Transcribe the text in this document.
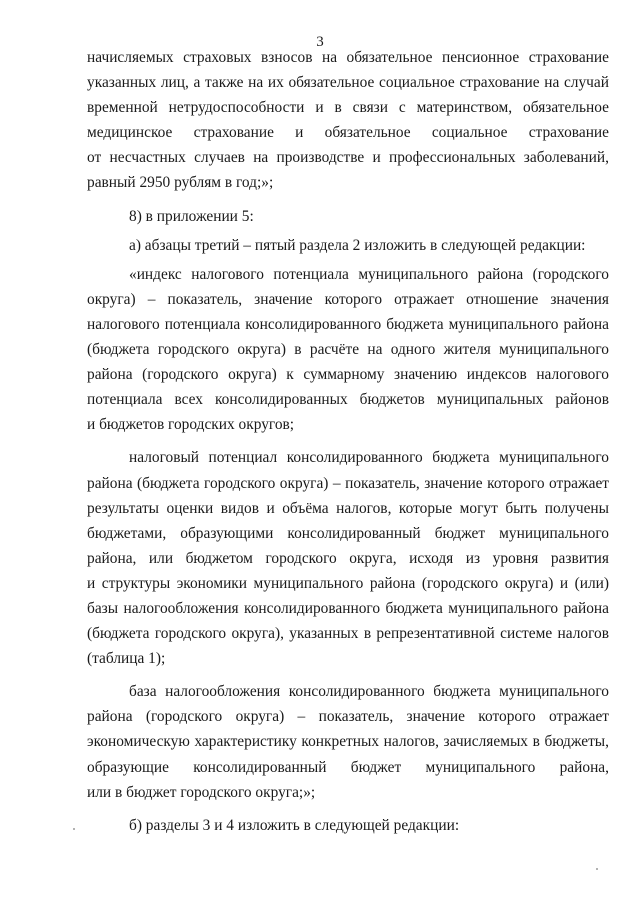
3

начисляемых страховых взносов на обязательное пенсионное страхование
указанных лиц, а также на их обязательное социальное страхование на случай
временной нетрудоспособности и в связи с материнством, обязательное
медицинское страхование и обязательное социальное страхование
от несчастных случаев на производстве и профессиональных заболеваний,
равный 2950 рублям в год;»;

8) в приложении 5:

а) абзацы третий – пятый раздела 2 изложить в следующей редакции:

«индекс налогового потенциала муниципального района (городского
округа) – показатель, значение которого отражает отношение значения
налогового потенциала консолидированного бюджета муниципального района
(бюджета городского округа) в расчёте на одного жителя муниципального
района (городского округа) к суммарному значению индексов налогового
потенциала всех консолидированных бюджетов муниципальных районов
и бюджетов городских округов;

налоговый потенциал консолидированного бюджета муниципального
района (бюджета городского округа) – показатель, значение которого отражает
результаты оценки видов и объёма налогов, которые могут быть получены
бюджетами, образующими консолидированный бюджет муниципального
района, или бюджетом городского округа, исходя из уровня развития
и структуры экономики муниципального района (городского округа) и (или)
базы налогообложения консолидированного бюджета муниципального района
(бюджета городского округа), указанных в репрезентативной системе налогов
(таблица 1);

база налогообложения консолидированного бюджета муниципального
района (городского округа) – показатель, значение которого отражает
экономическую характеристику конкретных налогов, зачисляемых в бюджеты,
образующие консолидированный бюджет муниципального района,
или в бюджет городского округа;»;

б) разделы 3 и 4 изложить в следующей редакции:
